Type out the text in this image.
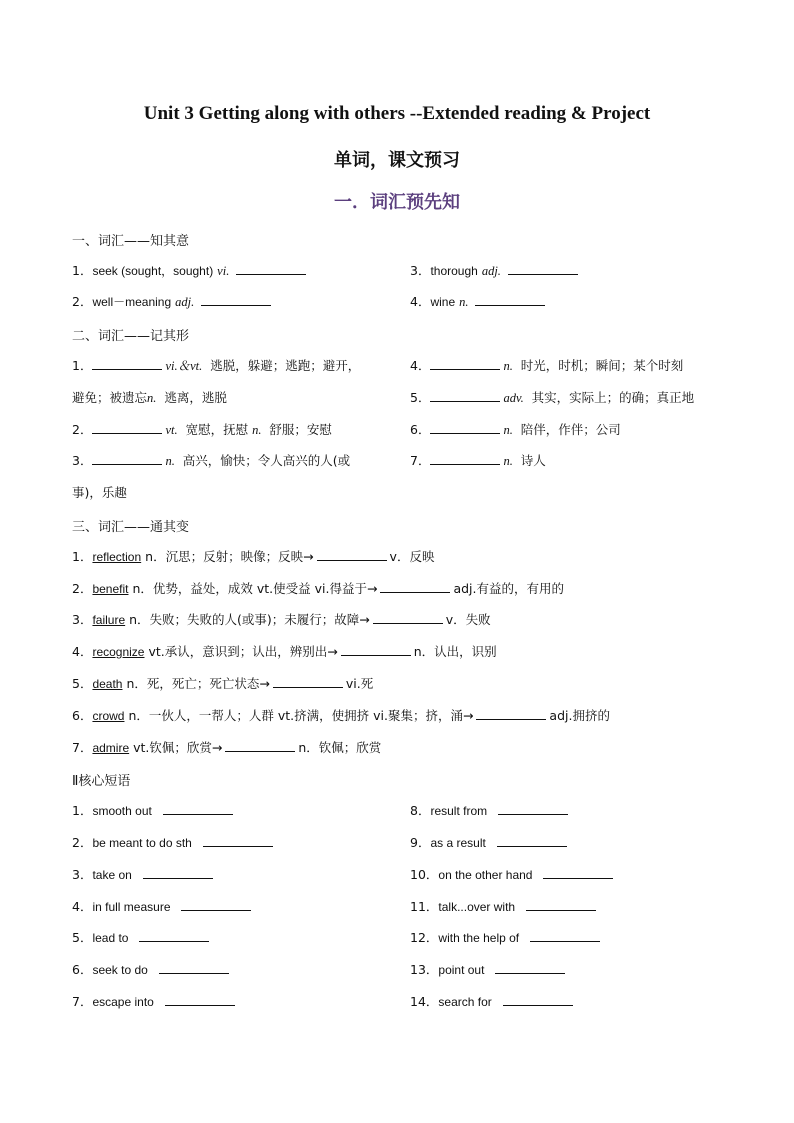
Unit 3 Getting along with others --Extended reading & Project
单词，课文预习
一．词汇预先知
一、词汇——知其意
1．seek (sought，sought) vi.
2．well－meaning adj.
3．thorough adj.
4．wine n.
二、词汇——记其形
1．	vi.＆vt. 逃脱，躲避；逃跑；避开，
避免；被遗忘n. 逃离，逃脱
2．	vt. 宽慰，抚慰 n. 舒服；安慰
3．	n. 高兴，愉快；令人高兴的人(或
事)，乐趣
4．	n. 时光，时机；瞬间；某个时刻
5．	adv. 其实，实际上；的确；真正地
6．	n. 陪伴，作伴；公司
7．	n. 诗人
三、词汇——通其变
1．reflection n．沉思；反射；映像；反映→	v．反映
2．benefit n．优势，益处，成效 vt.使受益 vi.得益于→	adj.有益的，有用的
3．failure n．失败；失败的人(或事)；未履行；故障→	v．失败
4．recognize vt.承认，意识到；认出，辨别出→	n．认出，识别
5．death n．死，死亡；死亡状态→	vi.死
6．crowd n．一伙人，一帮人；人群 vt.挤满，使拥挤 vi.聚集；挤，涌→	adj.拥挤的
7．admire vt.钦佩；欣赏→	n．钦佩；欣赏
Ⅱ核心短语
1．smooth out
2．be meant to do sth
3．take on
4．in full measure
5．lead to
6．seek to do
7．escape into
8．result from
9．as a result
10．on the other hand
11．talk...over with
12．with the help of
13．point out
14．search for
